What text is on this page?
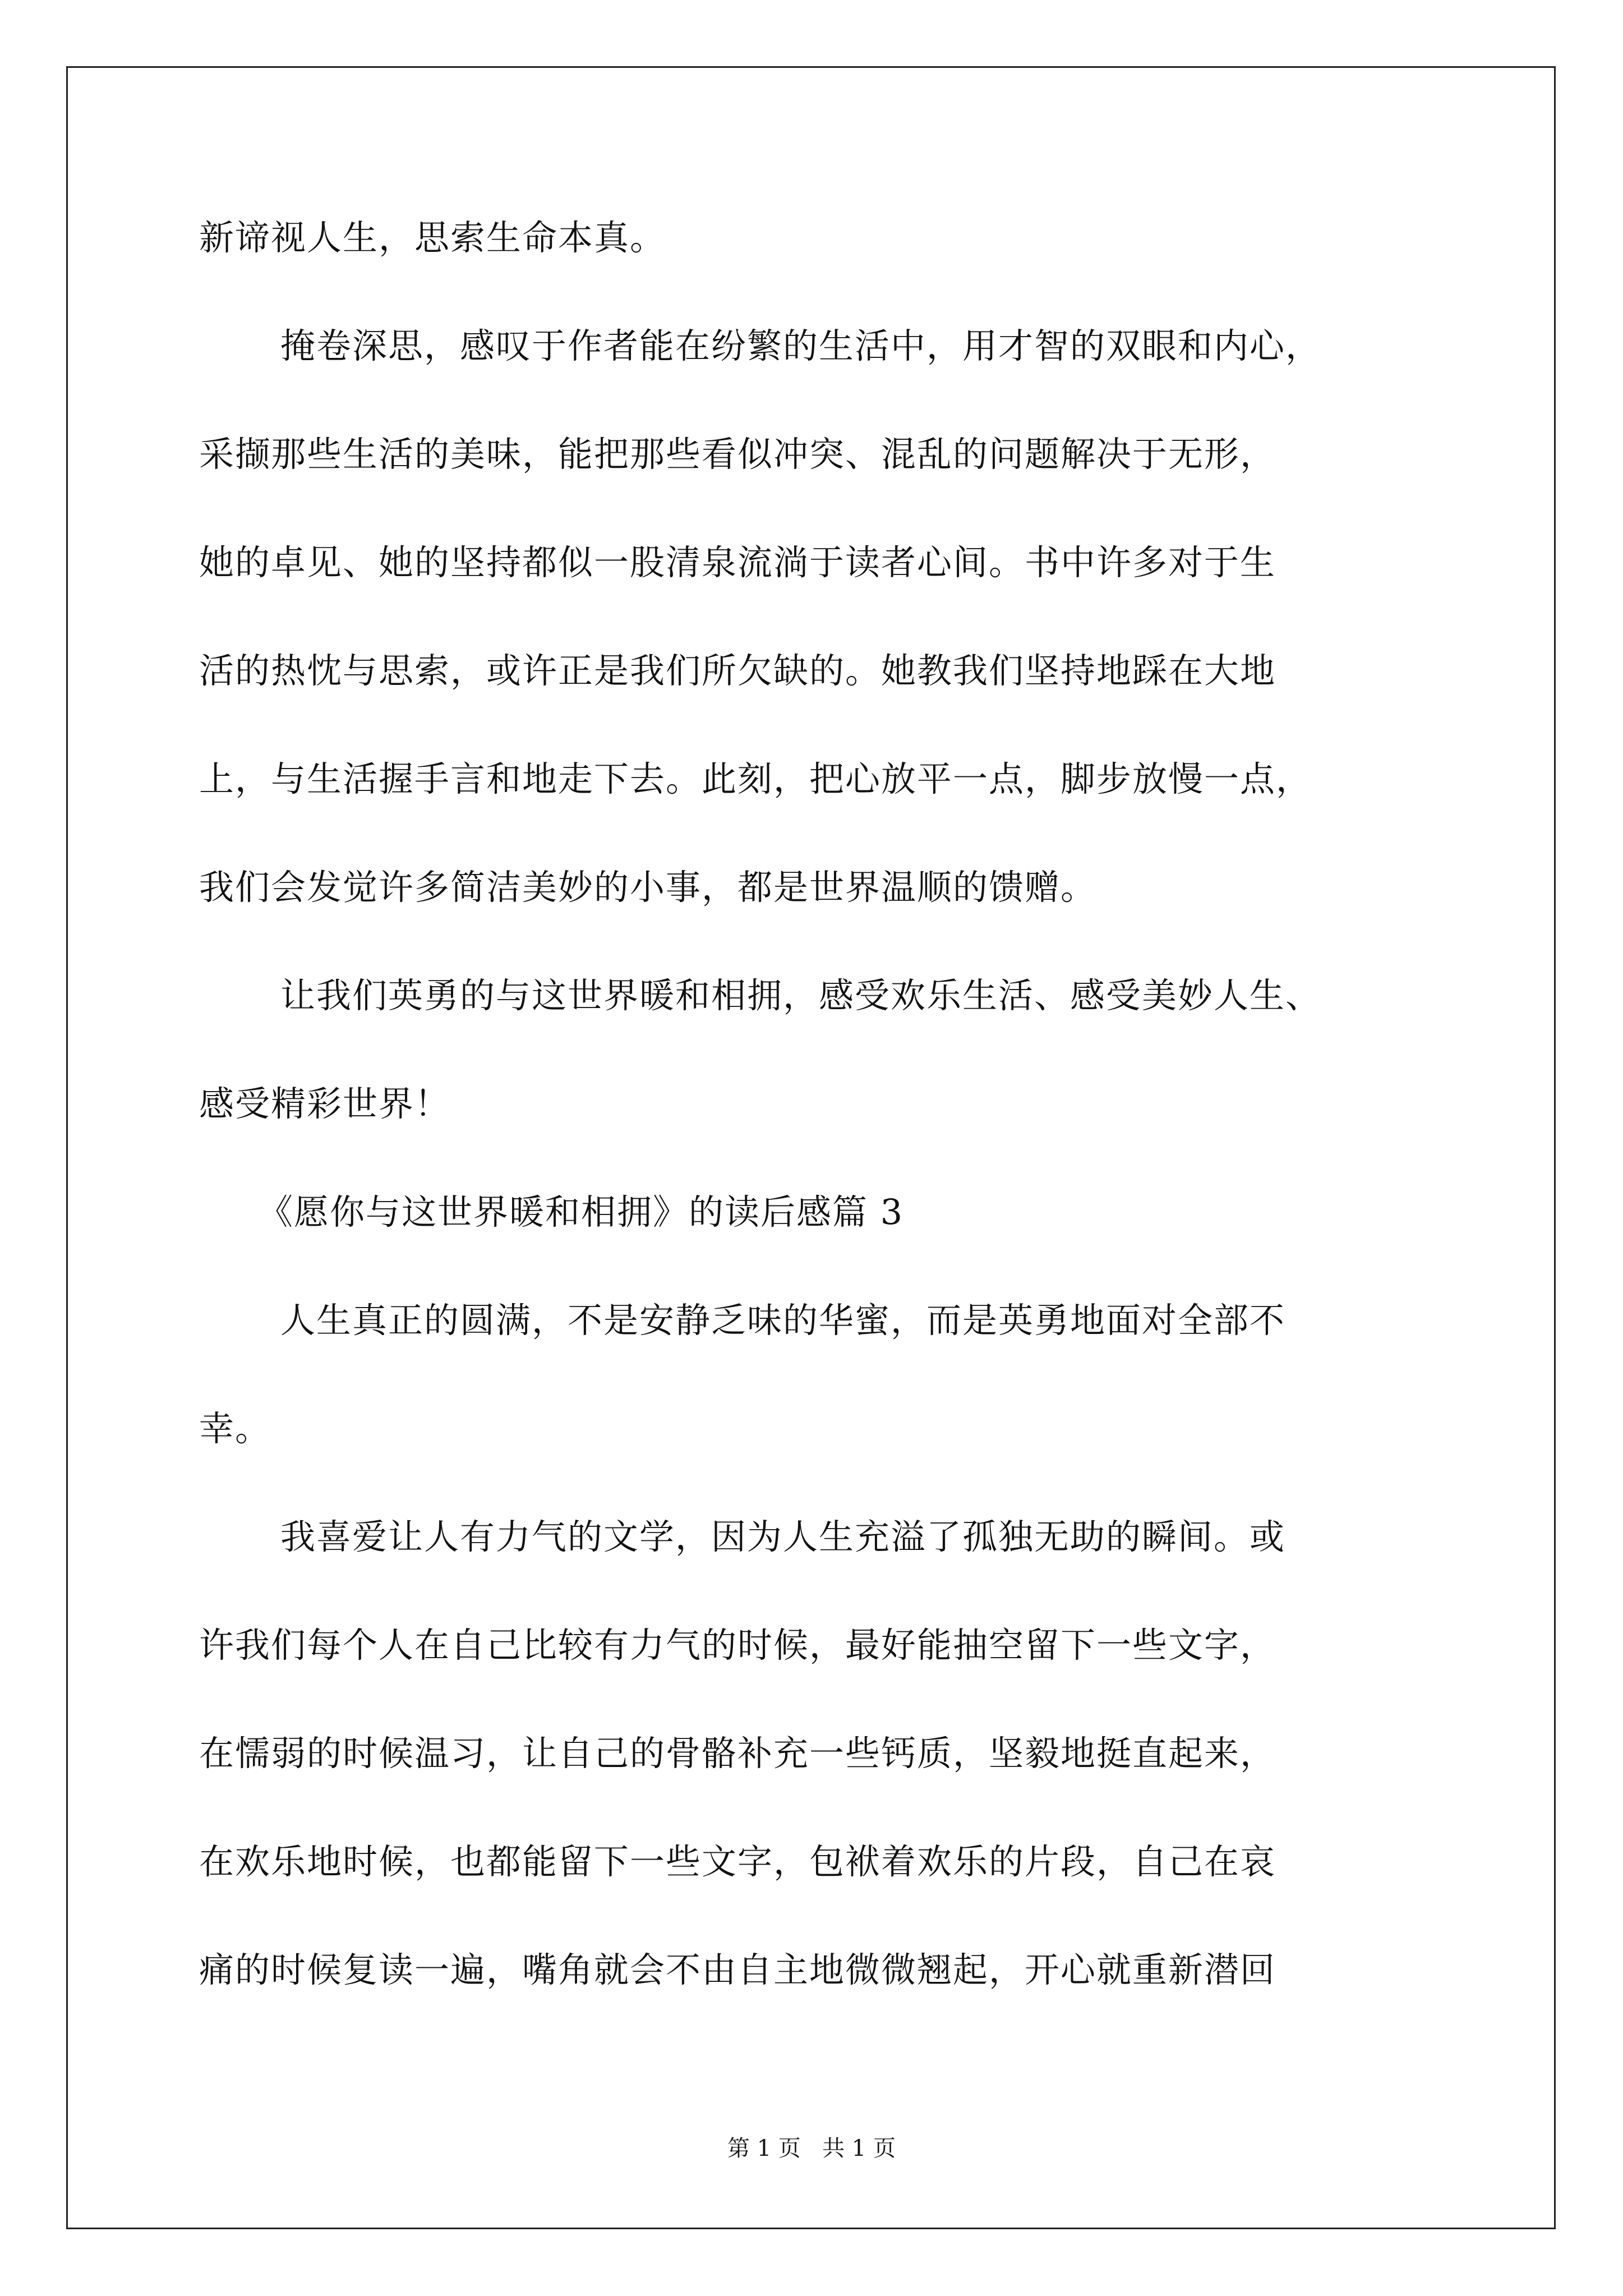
新谛视人生，思索生命本真。
掩卷深思，感叹于作者能在纷繁的生活中，用才智的双眼和内心，
采撷那些生活的美味，能把那些看似冲突、混乱的问题解决于无形，
她的卓见、她的坚持都似一股清泉流淌于读者心间。书中许多对于生
活的热忱与思索，或许正是我们所欠缺的。她教我们坚持地踩在大地
上，与生活握手言和地走下去。此刻，把心放平一点，脚步放慢一点，
我们会发觉许多简洁美妙的小事，都是世界温顺的馈赠。
让我们英勇的与这世界暖和相拥，感受欢乐生活、感受美妙人生、
感受精彩世界！
《愿你与这世界暖和相拥》的读后感篇 3
人生真正的圆满，不是安静乏味的华蜜，而是英勇地面对全部不
幸。
我喜爱让人有力气的文学，因为人生充溢了孤独无助的瞬间。或
许我们每个人在自己比较有力气的时候，最好能抽空留下一些文字，
在懦弱的时候温习，让自己的骨骼补充一些钙质，坚毅地挺直起来，
在欢乐地时候，也都能留下一些文字，包袱着欢乐的片段，自己在哀
痛的时候复读一遍，嘴角就会不由自主地微微翘起，开心就重新潜回
第 1 页   共 1 页
